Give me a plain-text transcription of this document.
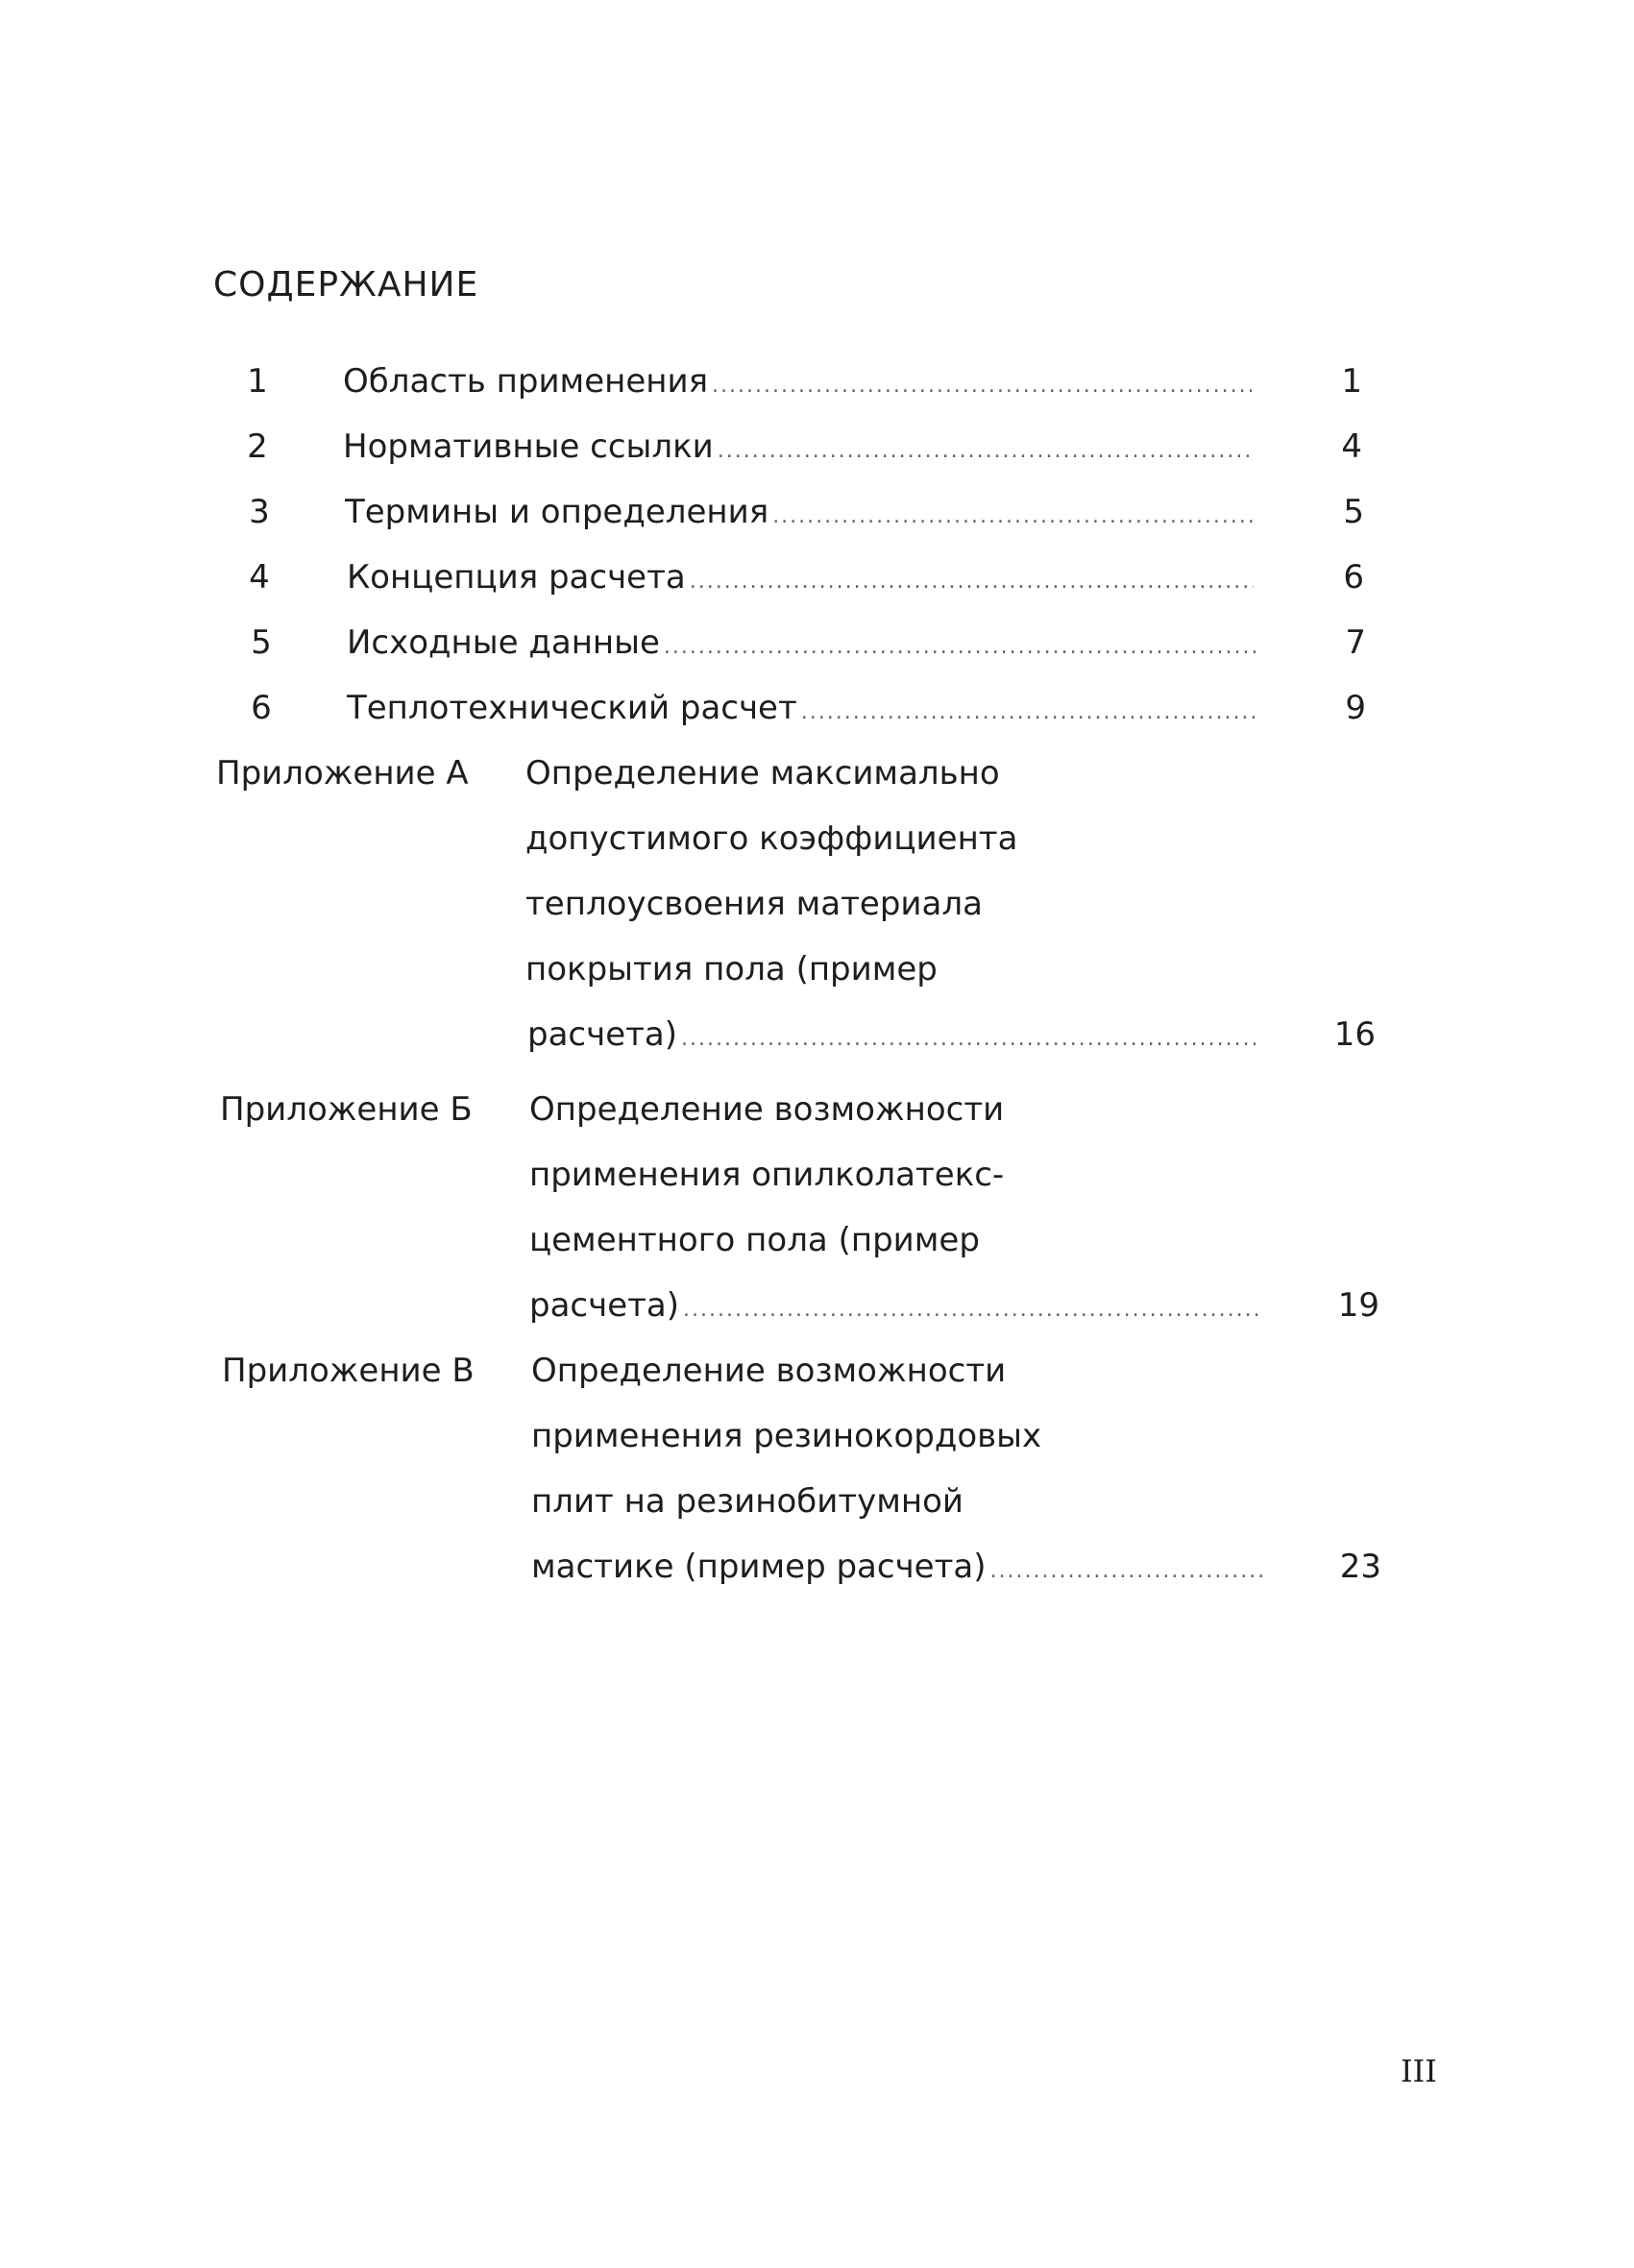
СОДЕРЖАНИЕ
1	Область применения .....	1
2	Нормативные ссылки .....	4
3	Термины и определения .....	5
4	Концепция расчета .....	6
5	Исходные данные .....	7
6	Теплотехнический расчет .....	9
Приложение А Определение максимально
допустимого коэффициента
теплоусвоения материала
покрытия пола (пример
расчета) .....	16
Приложение Б Определение возможности
применения опилколатекс-
цементного пола (пример
расчета) .....	19
Приложение В Определение возможности
применения резинокордовых
плит на резинобитумной
мастике (пример расчета) .....	23
III
